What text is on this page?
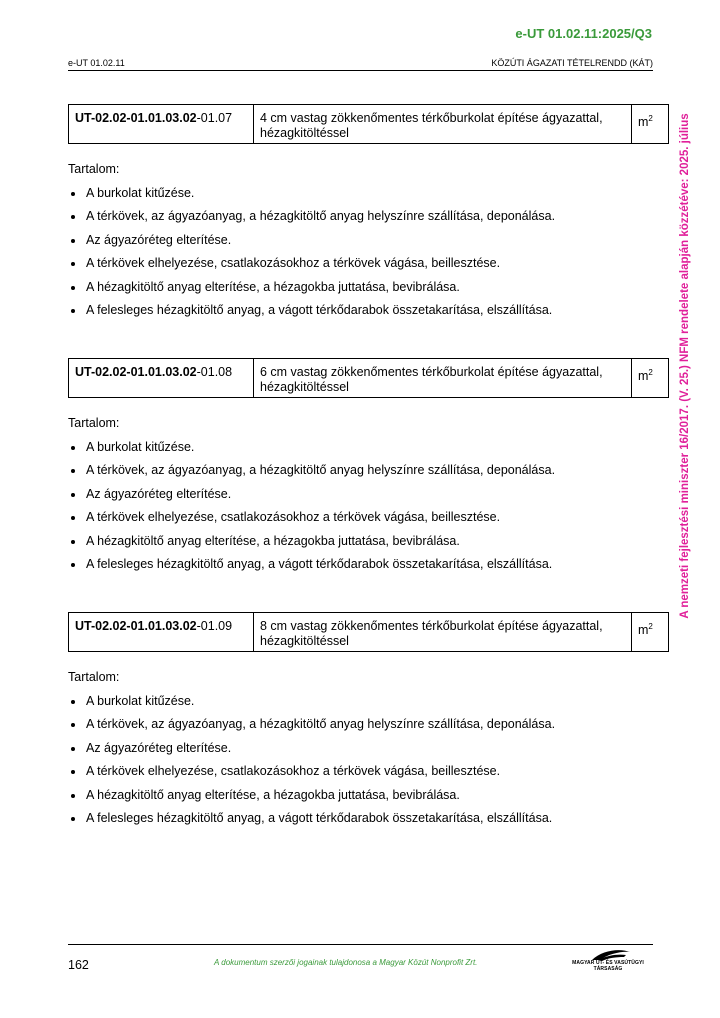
e-UT 01.02.11:2025/Q3
e-UT 01.02.11	KÖZÚTI ÁGAZATI TÉTELRENDD (KÁT)
A nemzeti fejlesztési miniszter 16/2017. (V. 25.) NFM rendelete alapján közzétéve: 2025. július
UT-02.02-01.01.03.02-01.07	4 cm vastag zökkenőmentes térkőburkolat építése ágyazattal, hézagkitöltéssel	$m^2$

Tartalom:

A burkolat kitűzése.
A térkövek, az ágyazóanyag, a hézagkitöltő anyag helyszínre szállítása, deponálása.
Az ágyazóréteg elterítése.
A térkövek elhelyezése, csatlakozásokhoz a térkövek vágása, beillesztése.
A hézagkitöltő anyag elterítése, a hézagokba juttatása, bevibrálása.
A felesleges hézagkitöltő anyag, a vágott térkődarabok összetakarítása, elszállítása.
UT-02.02-01.01.03.02-01.08	6 cm vastag zökkenőmentes térkőburkolat építése ágyazattal, hézagkitöltéssel	$m^2$

Tartalom:

A burkolat kitűzése.
A térkövek, az ágyazóanyag, a hézagkitöltő anyag helyszínre szállítása, deponálása.
Az ágyazóréteg elterítése.
A térkövek elhelyezése, csatlakozásokhoz a térkövek vágása, beillesztése.
A hézagkitöltő anyag elterítése, a hézagokba juttatása, bevibrálása.
A felesleges hézagkitöltő anyag, a vágott térkődarabok összetakarítása, elszállítása.
UT-02.02-01.01.03.02-01.09	8 cm vastag zökkenőmentes térkőburkolat építése ágyazattal, hézagkitöltéssel	$m^2$

Tartalom:

A burkolat kitűzése.
A térkövek, az ágyazóanyag, a hézagkitöltő anyag helyszínre szállítása, deponálása.
Az ágyazóréteg elterítése.
A térkövek elhelyezése, csatlakozásokhoz a térkövek vágása, beillesztése.
A hézagkitöltő anyag elterítése, a hézagokba juttatása, bevibrálása.
A felesleges hézagkitöltő anyag, a vágott térkődarabok összetakarítása, elszállítása.
162	A dokumentum szerzői jogainak tulajdonosa a Magyar Közút Nonprofit Zrt.	MAGYAR ÚT- ÉS VASÚTÜGYI TÁRSASÁG
